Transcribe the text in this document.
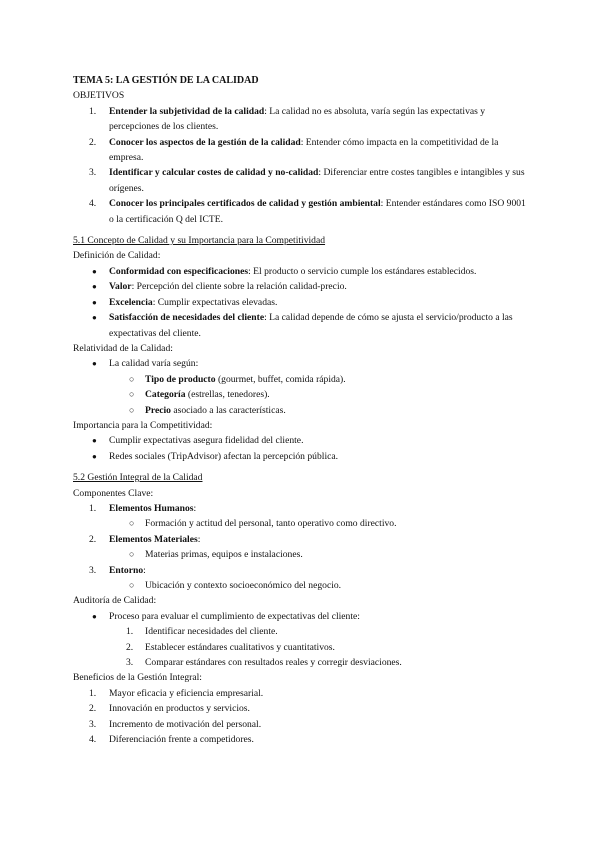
TEMA 5: LA GESTIÓN DE LA CALIDAD
OBJETIVOS
1.	Entender la subjetividad de la calidad: La calidad no es absoluta, varía según las expectativas y percepciones de los clientes.
2.	Conocer los aspectos de la gestión de la calidad: Entender cómo impacta en la competitividad de la empresa.
3.	Identificar y calcular costes de calidad y no-calidad: Diferenciar entre costes tangibles e intangibles y sus orígenes.
4.	Conocer los principales certificados de calidad y gestión ambiental: Entender estándares como ISO 9001 o la certificación Q del ICTE.
5.1 Concepto de Calidad y su Importancia para la Competitividad
Definición de Calidad:
● Conformidad con especificaciones: El producto o servicio cumple los estándares establecidos.
● Valor: Percepción del cliente sobre la relación calidad-precio.
● Excelencia: Cumplir expectativas elevadas.
● Satisfacción de necesidades del cliente: La calidad depende de cómo se ajusta el servicio/producto a las expectativas del cliente.
Relatividad de la Calidad:
● La calidad varía según:
○ Tipo de producto (gourmet, buffet, comida rápida).
○ Categoría (estrellas, tenedores).
○ Precio asociado a las características.
Importancia para la Competitividad:
● Cumplir expectativas asegura fidelidad del cliente.
● Redes sociales (TripAdvisor) afectan la percepción pública.
5.2 Gestión Integral de la Calidad
Componentes Clave:
1.	Elementos Humanos:
○ Formación y actitud del personal, tanto operativo como directivo.
2.	Elementos Materiales:
○ Materias primas, equipos e instalaciones.
3.	Entorno:
○ Ubicación y contexto socioeconómico del negocio.
Auditoría de Calidad:
● Proceso para evaluar el cumplimiento de expectativas del cliente:
1.	Identificar necesidades del cliente.
2.	Establecer estándares cualitativos y cuantitativos.
3.	Comparar estándares con resultados reales y corregir desviaciones.
Beneficios de la Gestión Integral:
1.	Mayor eficacia y eficiencia empresarial.
2.	Innovación en productos y servicios.
3.	Incremento de motivación del personal.
4.	Diferenciación frente a competidores.
